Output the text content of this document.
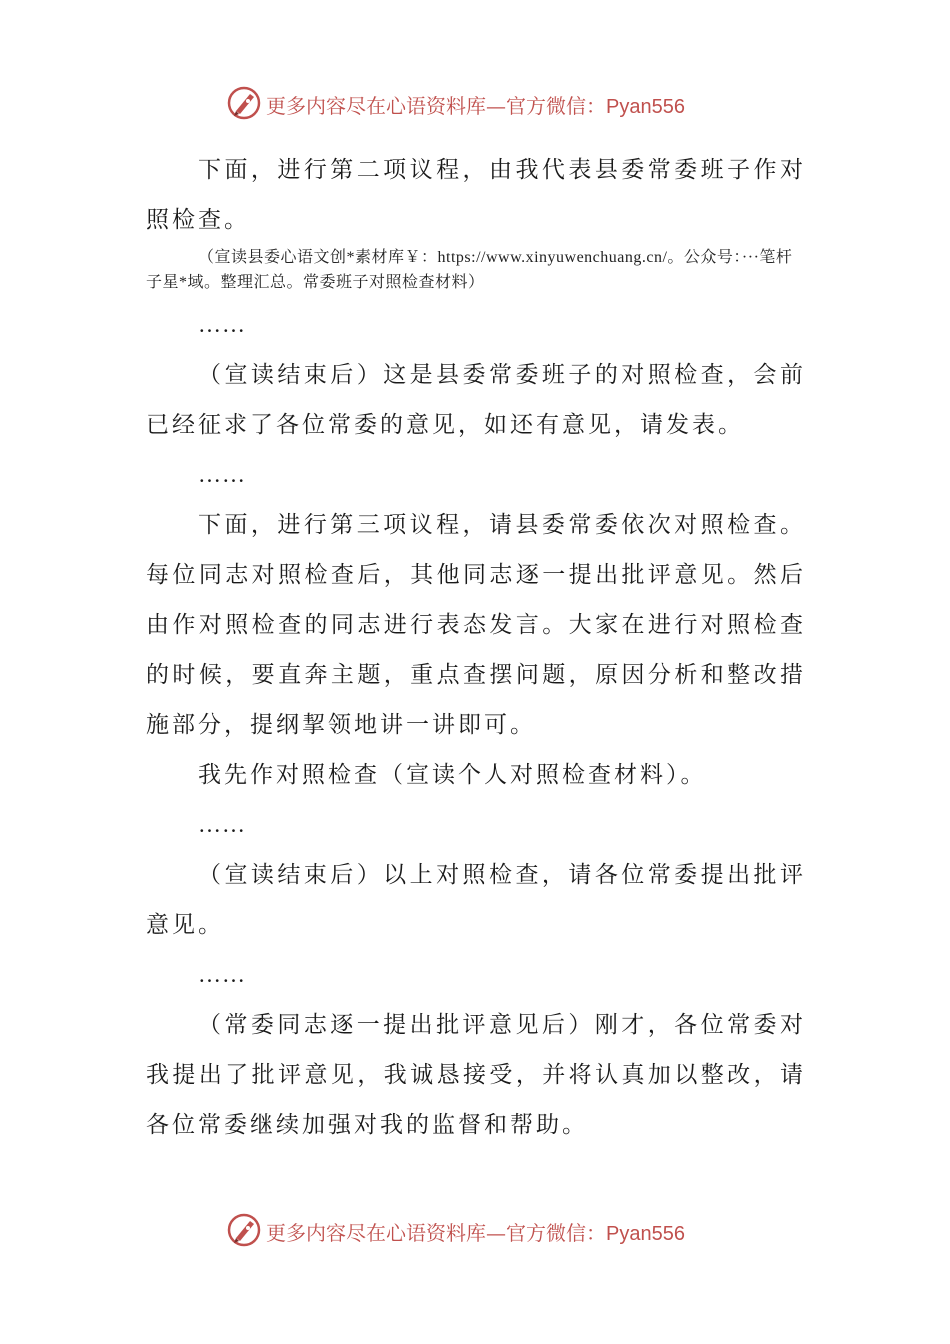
更多内容尽在心语资料库—官方微信：Pyan556

下面，进行第二项议程，由我代表县委常委班子作对照检查。

（宣读县委心语文创*素材库￥：https://www.xinyuwenchuang.cn/。公众号：···笔杆子星*域。整理汇总。常委班子对照检查材料）

……

（宣读结束后）这是县委常委班子的对照检查，会前已经征求了各位常委的意见，如还有意见，请发表。

……

下面，进行第三项议程，请县委常委依次对照检查。每位同志对照检查后，其他同志逐一提出批评意见。然后由作对照检查的同志进行表态发言。大家在进行对照检查的时候，要直奔主题，重点查摆问题，原因分析和整改措施部分，提纲挈领地讲一讲即可。

我先作对照检查（宣读个人对照检查材料）。

……

（宣读结束后）以上对照检查，请各位常委提出批评意见。

……

（常委同志逐一提出批评意见后）刚才，各位常委对我提出了批评意见，我诚恳接受，并将认真加以整改，请各位常委继续加强对我的监督和帮助。

更多内容尽在心语资料库—官方微信：Pyan556
